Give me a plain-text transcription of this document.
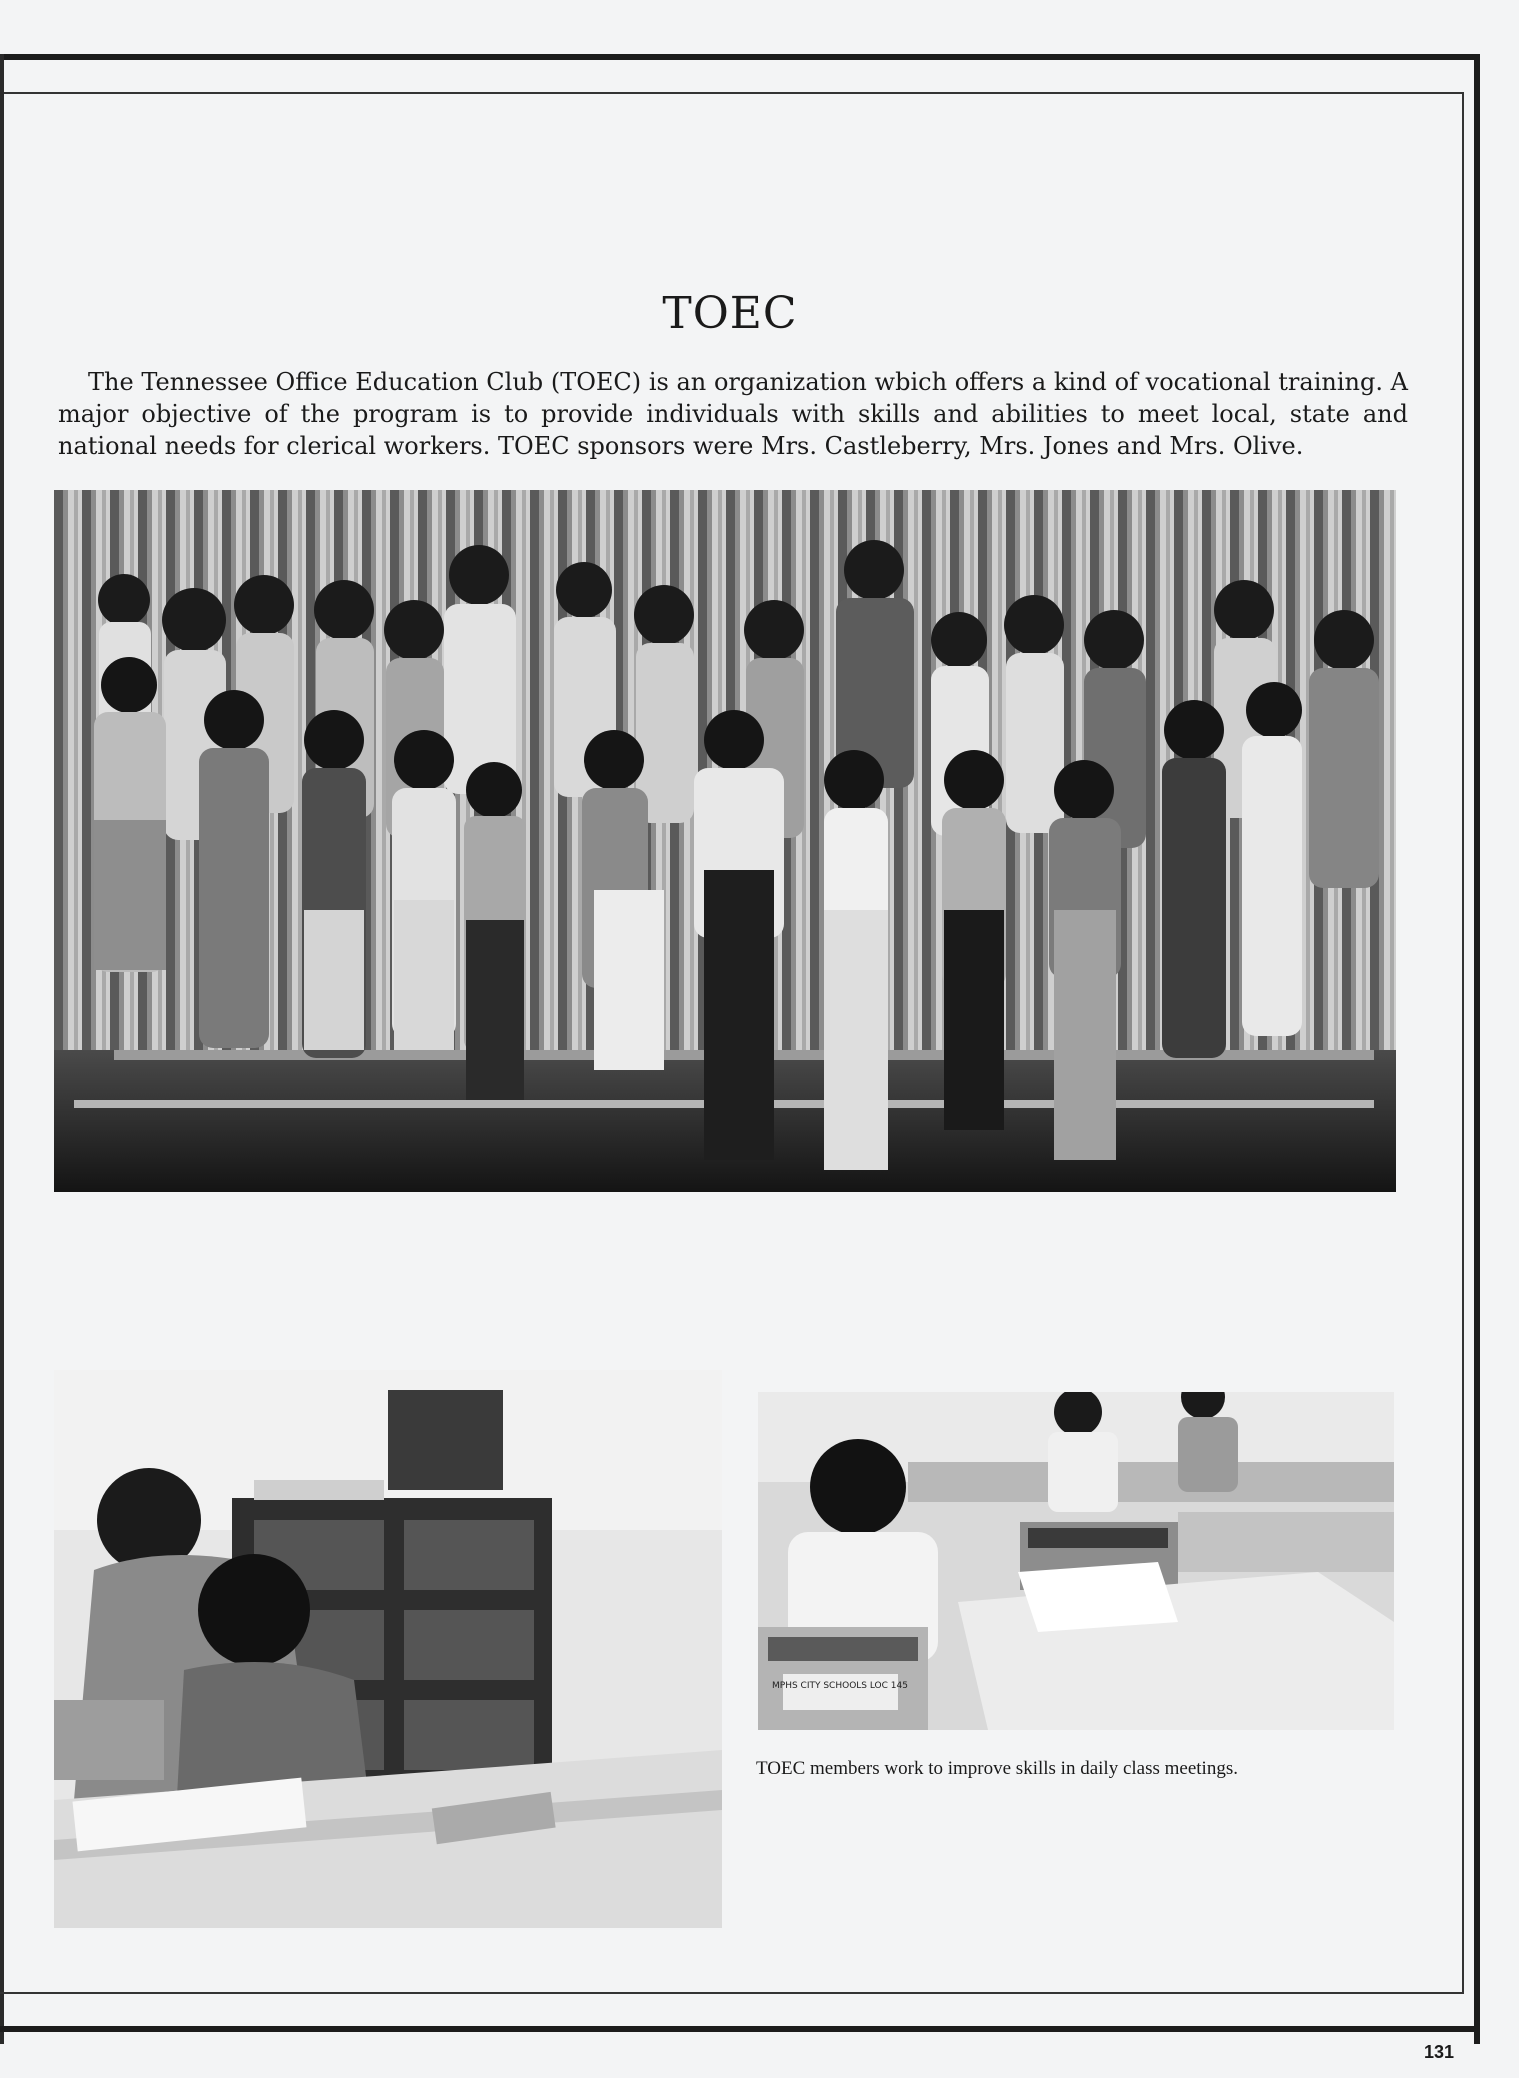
TOEC
The Tennessee Office Education Club (TOEC) is an organization wbich offers a kind of vocational training. A major objective of the program is to provide individuals with skills and abilities to meet local, state and national needs for clerical workers. TOEC sponsors were Mrs. Castleberry, Mrs. Jones and Mrs. Olive.
MPHS CITY SCHOOLS LOC 145
TOEC members work to improve skills in daily class meetings.
131
